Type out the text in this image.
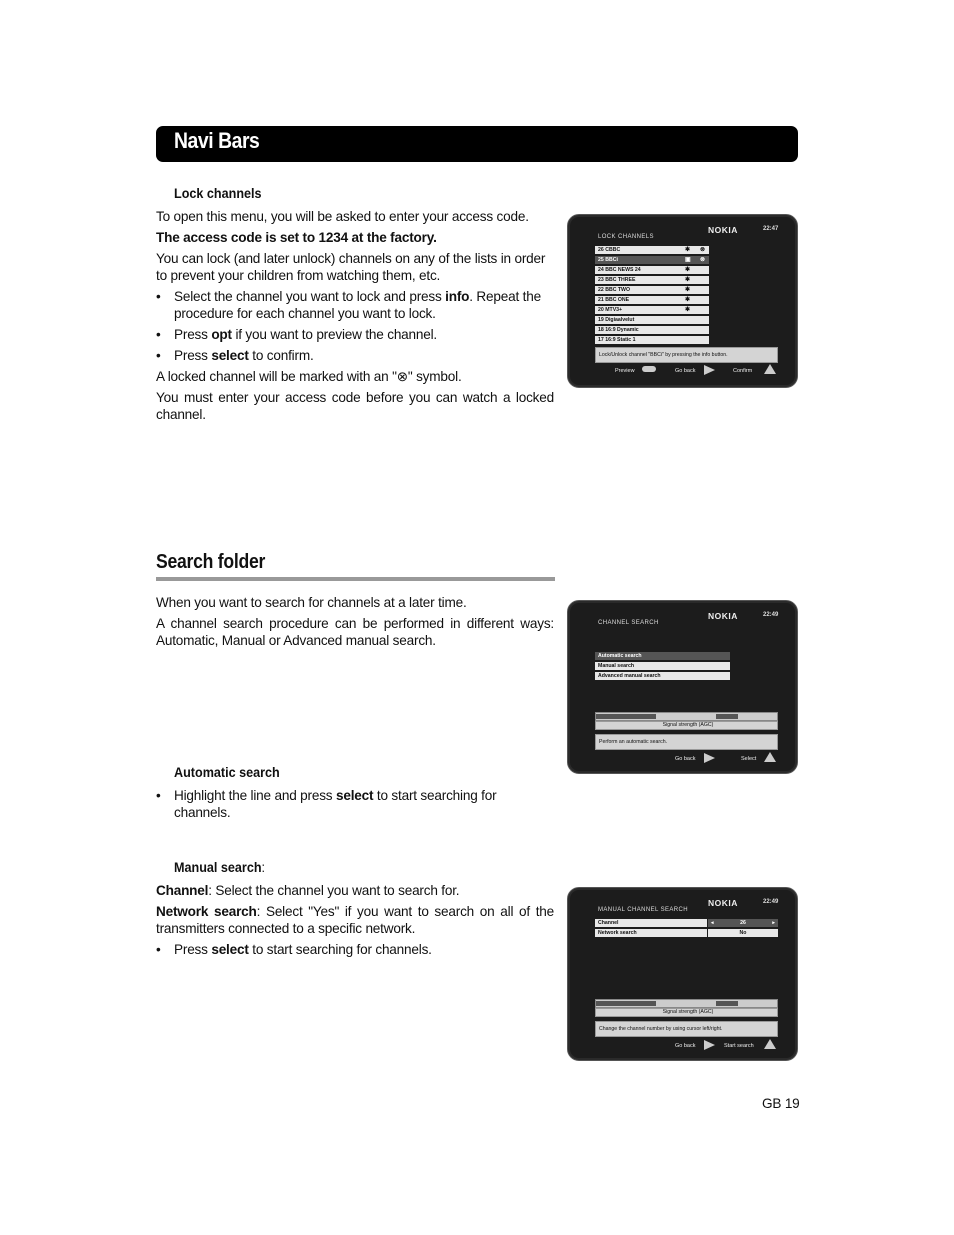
Navi Bars
Lock channels
To open this menu, you will be asked to enter your access code.
The access code is set to 1234 at the factory.
You can lock (and later unlock) channels on any of the lists in order to prevent your children from watching them, etc.
• Select the channel you want to lock and press info. Repeat the procedure for each channel you want to lock.
• Press opt if you want to preview the channel.
• Press select to confirm.
A locked channel will be marked with an "⊗" symbol.
You must enter your access code before you can watch a locked channel.
LOCK CHANNELS
NOKIA	22:47
26 CBBC	✱ ⊗
25 BBCi	▣ ⊗
24 BBC NEWS 24	✱
23 BBC THREE	✱
22 BBC TWO	✱
21 BBC ONE	✱
20 MTV3+	✱
19 Digiaalvelut
18 16:9 Dynamic
17 16:9 Static 1
Lock/Unlock channel "BBCi" by pressing the info button.
Preview	Go back	Confirm
Search folder
When you want to search for channels at a later time.
A channel search procedure can be performed in different ways: Automatic, Manual or Advanced manual search.
CHANNEL SEARCH
NOKIA	22:49
Automatic search
Manual search
Advanced manual search
Signal strength (AGC)
Perform an automatic search.
Go back	Select
Automatic search
• Highlight the line and press select to start searching for channels.
Manual search:
Channel: Select the channel you want to search for.
Network search: Select "Yes" if you want to search on all of the transmitters connected to a specific network.
• Press select to start searching for channels.
MANUAL CHANNEL SEARCH
NOKIA	22:49
Channel	◂	26	▸
Network search	No
Signal strength (AGC)
Change the channel number by using cursor left/right.
Go back	Start search
GB 19
